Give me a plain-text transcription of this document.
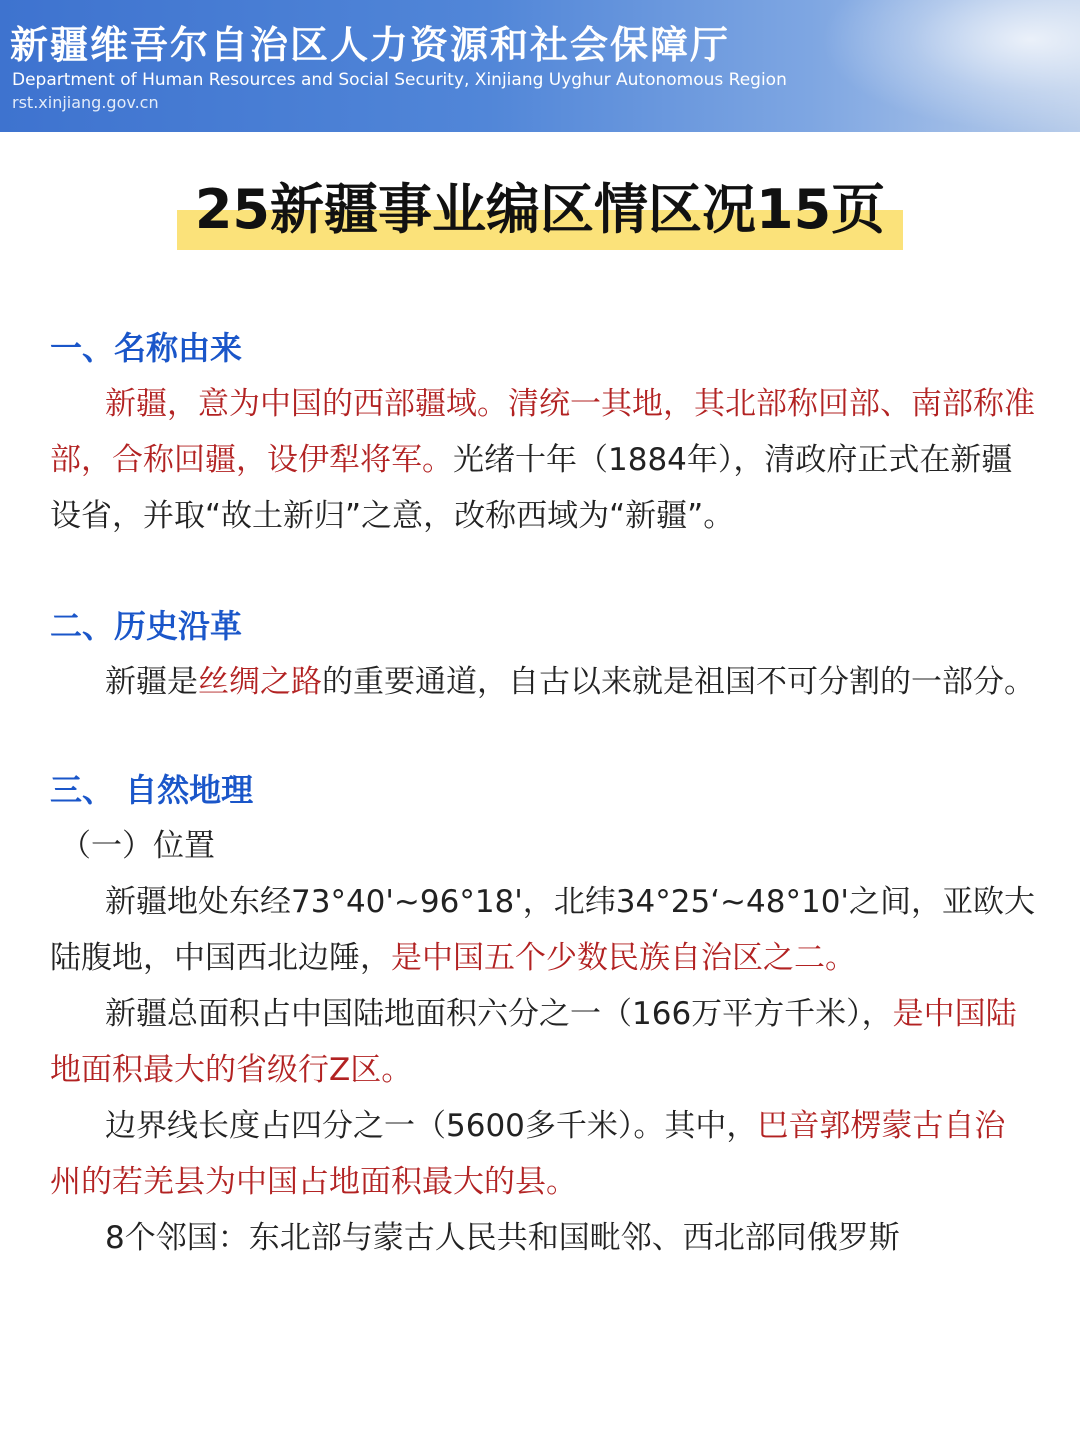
新疆维吾尔自治区人力资源和社会保障厅
Department of Human Resources and Social Security, Xinjiang Uyghur Autonomous Region
rst.xinjiang.gov.cn
25新疆事业编区情区况15页
一、名称由来

新疆，意为中国的西部疆域。清统一其地，其北部称回部、南部称准部，合称回疆，设伊犁将军。光绪十年（1884年），清政府正式在新疆设省，并取“故土新归”之意，改称西域为“新疆”。

二、历史沿革

新疆是丝绸之路的重要通道，自古以来就是祖国不可分割的一部分。

三、 自然地理
（一）位置

新疆地处东经73°40'~96°18'，北纬34°25‘~48°10'之间，亚欧大陆腹地，中国西北边陲，是中国五个少数民族自治区之二。

新疆总面积占中国陆地面积六分之一（166万平方千米），是中国陆地面积最大的省级行Z区。

边界线长度占四分之一（5600多千米）。其中，巴音郭楞蒙古自治州的若羌县为中国占地面积最大的县。

8个邻国：东北部与蒙古人民共和国毗邻、西北部同俄罗斯
